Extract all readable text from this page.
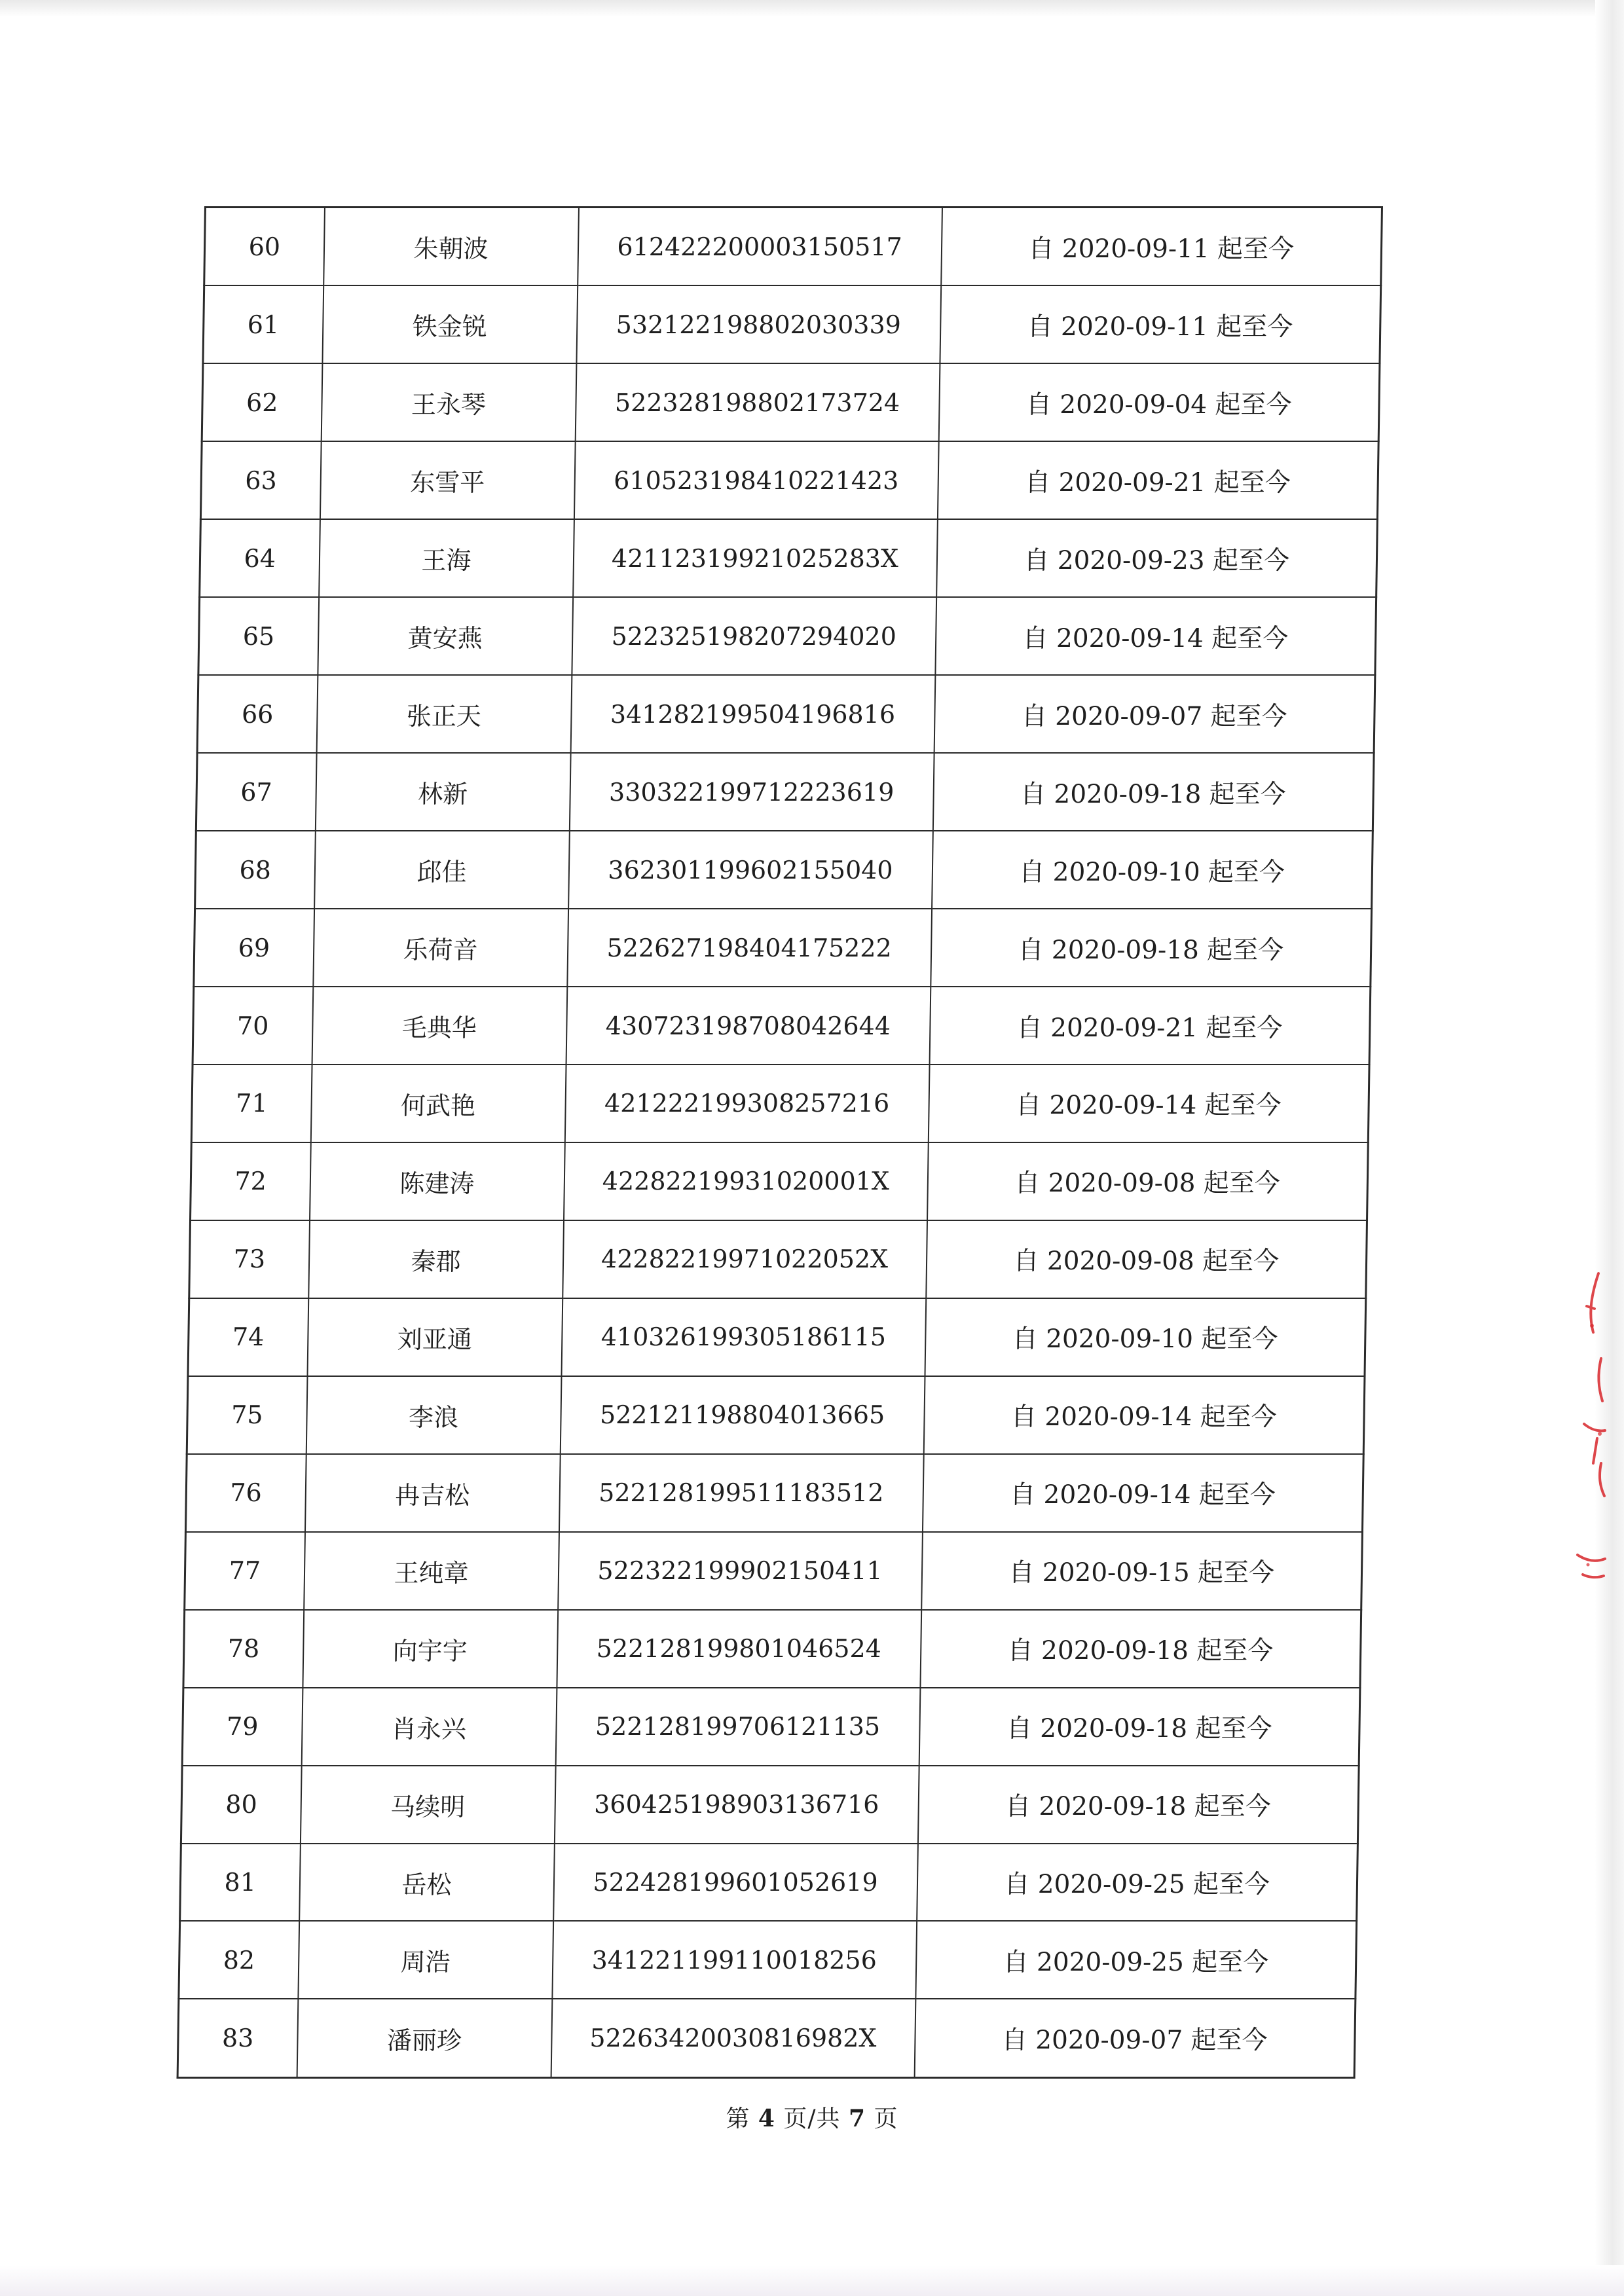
60	朱朝波	612422200003150517	自 2020-09-11 起至今
61	铁金锐	532122198802030339	自 2020-09-11 起至今
62	王永琴	522328198802173724	自 2020-09-04 起至今
63	东雪平	610523198410221423	自 2020-09-21 起至今
64	王海	42112319921025283X	自 2020-09-23 起至今
65	黄安燕	522325198207294020	自 2020-09-14 起至今
66	张正天	341282199504196816	自 2020-09-07 起至今
67	林新	330322199712223619	自 2020-09-18 起至今
68	邱佳	362301199602155040	自 2020-09-10 起至今
69	乐荷音	522627198404175222	自 2020-09-18 起至今
70	毛典华	430723198708042644	自 2020-09-21 起至今
71	何武艳	421222199308257216	自 2020-09-14 起至今
72	陈建涛	42282219931020001X	自 2020-09-08 起至今
73	秦郡	42282219971022052X	自 2020-09-08 起至今
74	刘亚通	410326199305186115	自 2020-09-10 起至今
75	李浪	522121198804013665	自 2020-09-14 起至今
76	冉吉松	522128199511183512	自 2020-09-14 起至今
77	王纯章	522322199902150411	自 2020-09-15 起至今
78	向宇宇	522128199801046524	自 2020-09-18 起至今
79	肖永兴	522128199706121135	自 2020-09-18 起至今
80	马续明	360425198903136716	自 2020-09-18 起至今
81	岳松	522428199601052619	自 2020-09-25 起至今
82	周浩	341221199110018256	自 2020-09-25 起至今
83	潘丽珍	52263420030816982X	自 2020-09-07 起至今
第 4 页/共 7 页
